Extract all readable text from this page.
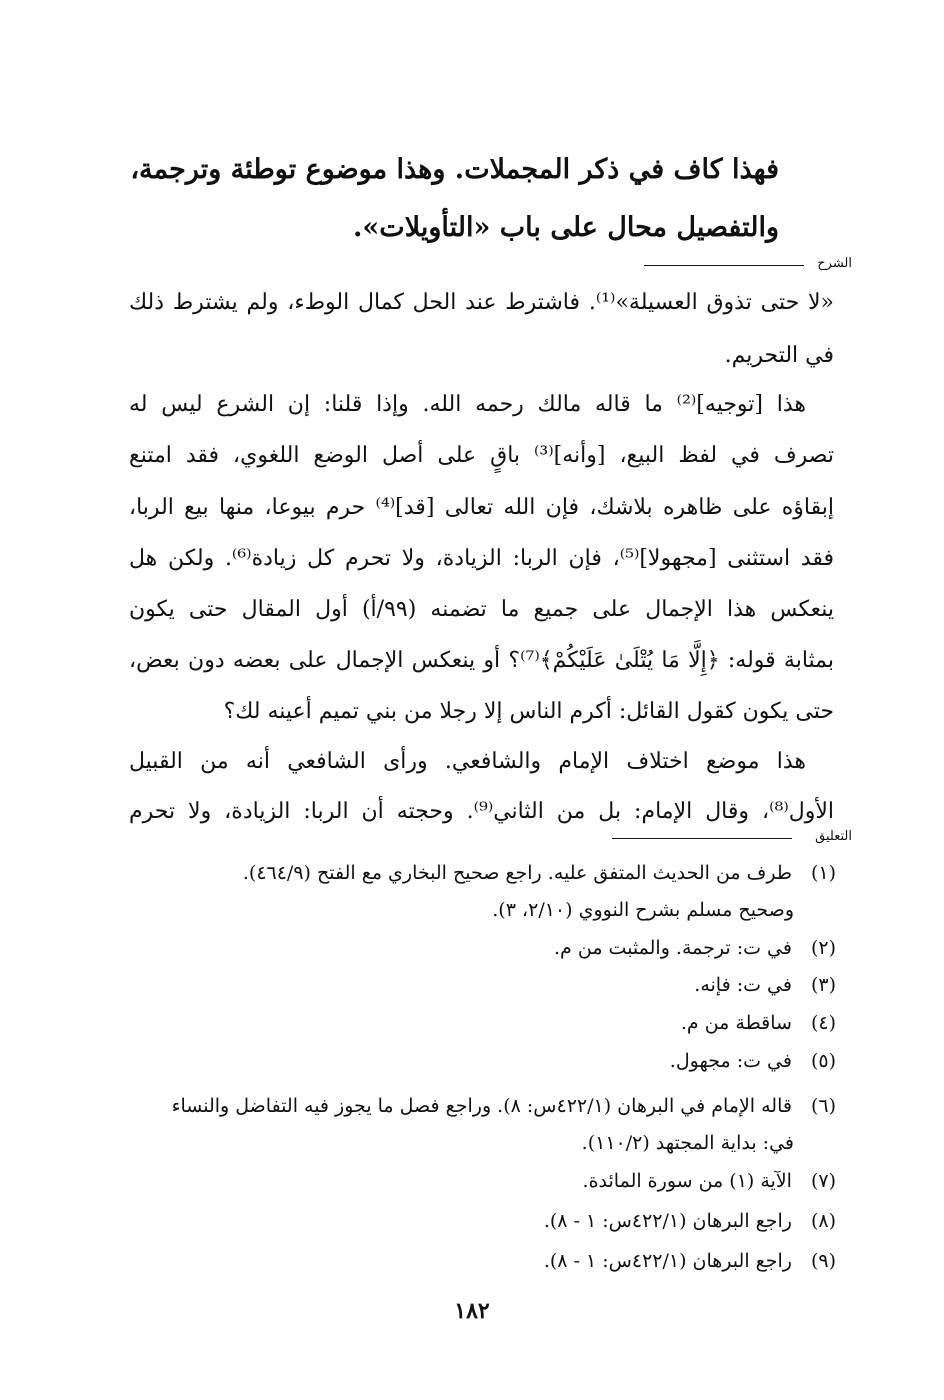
فهذا كاف في ذكر المجملات. وهذا موضوع توطئة وترجمة،
والتفصيل محال على باب «التأويلات».
الشرح
«لا حتى تذوق العسيلة»⁽¹⁾. فاشترط عند الحل كمال الوطء، ولم يشترط ذلك
في التحريم.
هذا [توجيه]⁽²⁾ ما قاله مالك رحمه الله. وإذا قلنا: إن الشرع ليس له
تصرف في لفظ البيع، [وأنه]⁽³⁾ باقٍ على أصل الوضع اللغوي، فقد امتنع
إبقاؤه على ظاهره بلاشك، فإن الله تعالى [قد]⁽⁴⁾ حرم بيوعا، منها بيع الربا،
فقد استثنى [مجهولا]⁽⁵⁾، فإن الربا: الزيادة، ولا تحرم كل زيادة⁽⁶⁾. ولكن هل
ينعكس هذا الإجمال على جميع ما تضمنه (٩٩/أ) أول المقال حتى يكون
بمثابة قوله: ﴿إِلَّا مَا يُتْلَىٰ عَلَيْكُمْ﴾⁽⁷⁾؟ أو ينعكس الإجمال على بعضه دون بعض،
حتى يكون كقول القائل: أكرم الناس إلا رجلا من بني تميم أعينه لك؟
هذا موضع اختلاف الإمام والشافعي. ورأى الشافعي أنه من القبيل
الأول⁽⁸⁾، وقال الإمام: بل من الثاني⁽⁹⁾. وحجته أن الربا: الزيادة، ولا تحرم
التعليق
(١) طرف من الحديث المتفق عليه. راجع صحيح البخاري مع الفتح (٤٦٤/٩).
وصحيح مسلم بشرح النووي (٢/١٠، ٣).
(٢) في ت: ترجمة. والمثبت من م.
(٣) في ت: فإنه.
(٤) ساقطة من م.
(٥) في ت: مجهول.
(٦) قاله الإمام في البرهان (٤٢٢/١س: ٨). وراجع فصل ما يجوز فيه التفاضل والنساء
في: بداية المجتهد (١١٠/٢).
(٧) الآية (١) من سورة المائدة.
(٨) راجع البرهان (٤٢٢/١س: ١ - ٨).
(٩) راجع البرهان (٤٢٢/١س: ١ - ٨).
١٨٢
